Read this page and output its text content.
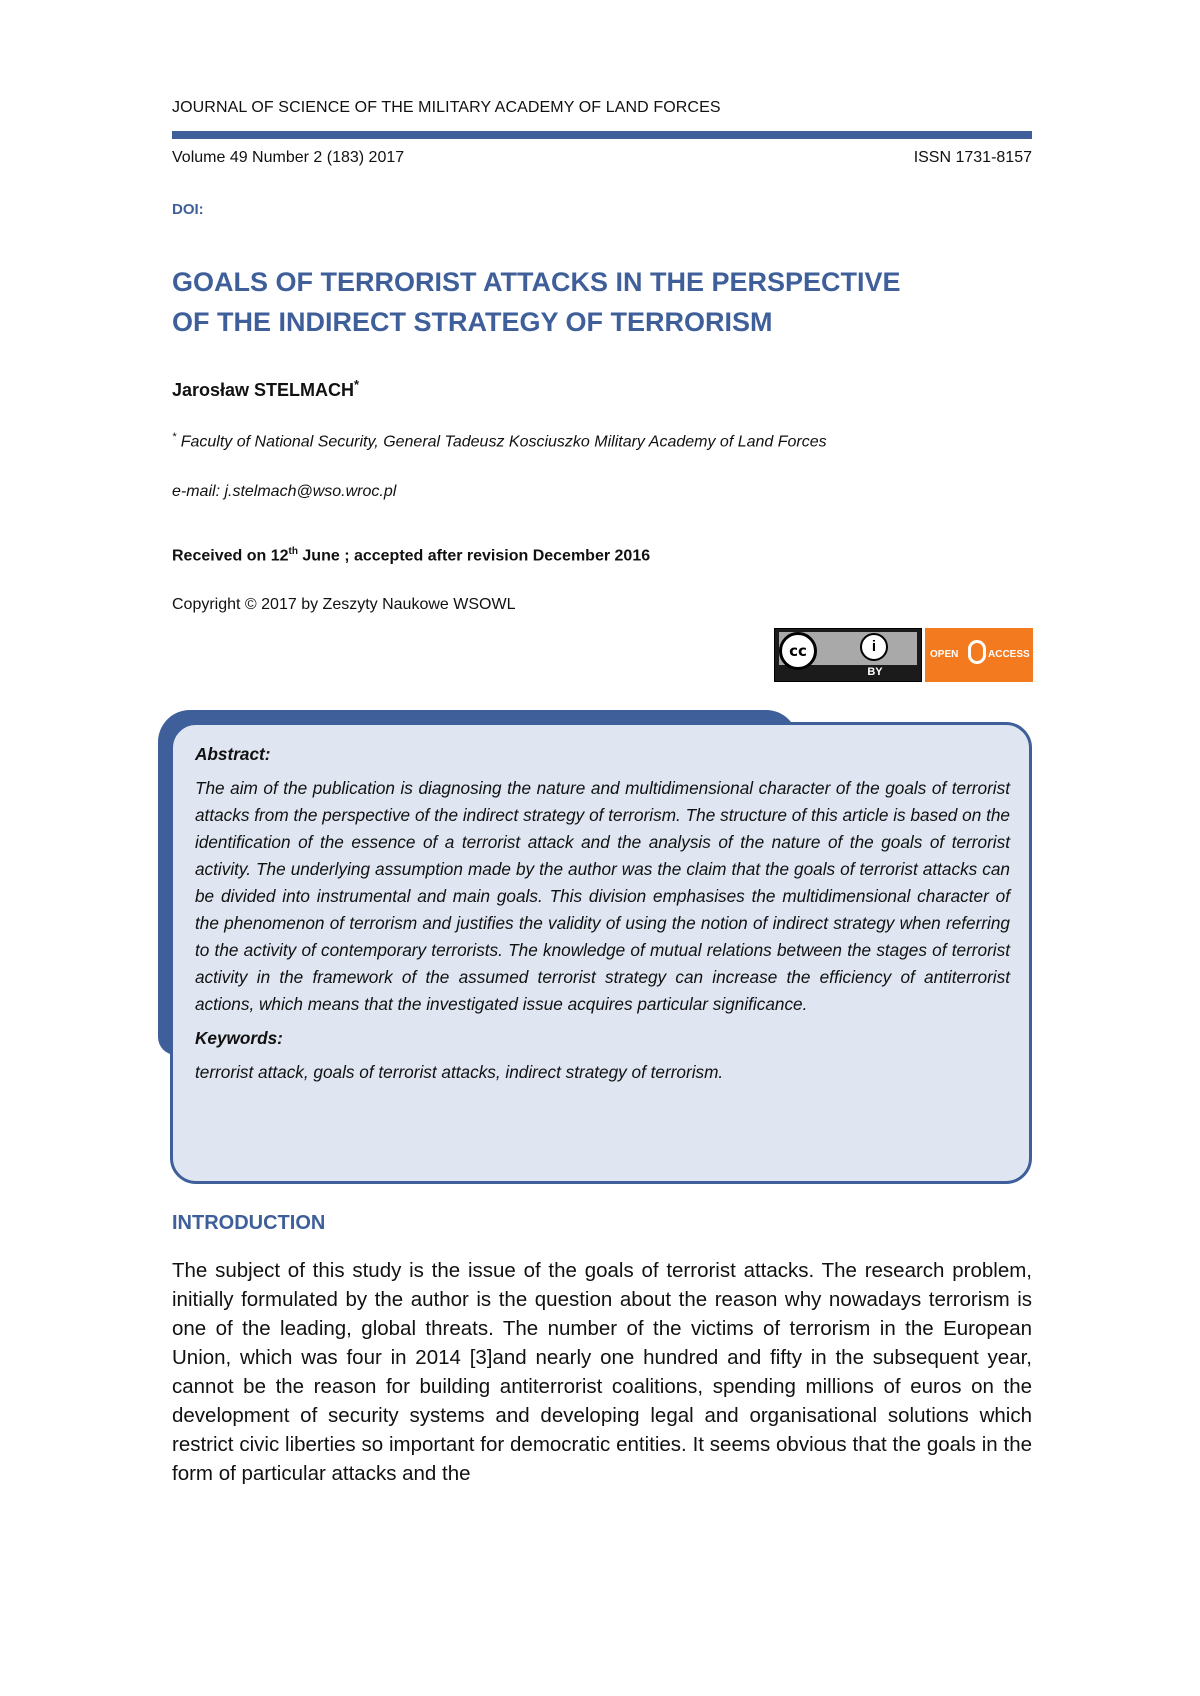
JOURNAL OF SCIENCE OF THE MILITARY ACADEMY OF LAND FORCES
Volume 49 Number 2 (183) 2017	ISSN 1731-8157
DOI:
GOALS OF TERRORIST ATTACKS IN THE PERSPECTIVE
OF THE INDIRECT STRATEGY OF TERRORISM
Jarosław STELMACH*
* Faculty of National Security, General Tadeusz Kosciuszko Military Academy of Land Forces
e-mail: j.stelmach@wso.wroc.pl
Received on 12th June ; accepted after revision December 2016
Copyright © 2017 by Zeszyty Naukowe WSOWL
cc	i
BY
OPEN	ACCESS
Abstract:

The aim of the publication is diagnosing the nature and multidimensional character of the goals of terrorist attacks from the perspective of the indirect strategy of terrorism. The structure of this article is based on the identification of the essence of a terrorist attack and the analysis of the nature of the goals of terrorist activity. The underlying assumption made by the author was the claim that the goals of terrorist attacks can be divided into instrumental and main goals. This division emphasises the multidimensional character of the phenomenon of terrorism and justifies the validity of using the notion of indirect strategy when referring to the activity of contemporary terrorists. The knowledge of mutual relations between the stages of terrorist activity in the framework of the assumed terrorist strategy can increase the efficiency of antiterrorist actions, which means that the investigated issue acquires particular significance.

Keywords:

terrorist attack, goals of terrorist attacks, indirect strategy of terrorism.

INTRODUCTION

The subject of this study is the issue of the goals of terrorist attacks. The research problem, initially formulated by the author is the question about the reason why nowadays terrorism is one of the leading, global threats. The number of the victims of terrorism in the European Union, which was four in 2014 [3]and nearly one hundred and fifty in the subsequent year, cannot be the reason for building antiterrorist coalitions, spending millions of euros on the development of security systems and developing legal and organisational solutions which restrict civic liberties so important for democratic entities. It seems obvious that the goals in the form of particular attacks and the
